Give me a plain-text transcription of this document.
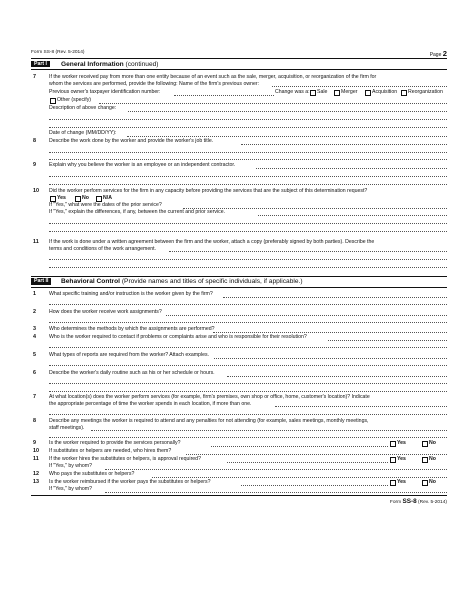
Form SS-8 (Rev. 5-2014)	Page 2
Part I	General Information (continued)
7	If the worker received pay from more than one entity because of an event such as the sale, merger, acquisition, or reorganization of the firm for
whom the services are performed, provide the following: Name of the firm's previous owner:
Previous owner's taxpayer identification number:	Change was a: Sale	Merger	Acquisition Reorganization
Other (specify)
Description of above change:
Date of change (MM/DD/YY):
8	Describe the work done by the worker and provide the worker's job title.
9	Explain why you believe the worker is an employee or an independent contractor.
10 Did the worker perform services for the firm in any capacity before providing the services that are the subject of this determination request?
Yes	No	N/A
If "Yes," what were the dates of the prior service?
If "Yes," explain the differences, if any, between the current and prior service.
11 If the work is done under a written agreement between the firm and the worker, attach a copy (preferably signed by both parties). Describe the
terms and conditions of the work arrangement.
Part II	Behavioral Control (Provide names and titles of specific individuals, if applicable.)
1	What specific training and/or instruction is the worker given by the firm?
2	How does the worker receive work assignments?
3	Who determines the methods by which the assignments are performed?
4	Who is the worker required to contact if problems or complaints arise and who is responsible for their resolution?
5	What types of reports are required from the worker? Attach examples.
6	Describe the worker's daily routine such as his or her schedule or hours.
7	At what location(s) does the worker perform services (for example, firm's premises, own shop or office, home, customer's location)? Indicate
the appropriate percentage of time the worker spends in each location, if more than one.
8	Describe any meetings the worker is required to attend and any penalties for not attending (for example, sales meetings, monthly meetings,
staff meetings).
9	Is the worker required to provide the services personally?	Yes	No
10 If substitutes or helpers are needed, who hires them?
11 If the worker hires the substitutes or helpers, is approval required?	Yes	No
If "Yes," by whom?
12 Who pays the substitutes or helpers?
13 Is the worker reimbursed if the worker pays the substitutes or helpers?	Yes	No
If "Yes," by whom?
Form SS-8 (Rev. 5-2014)
